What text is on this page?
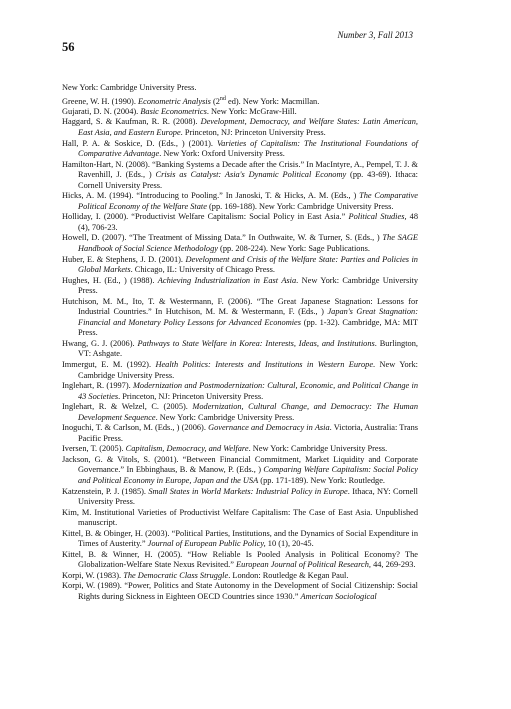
Number 3, Fall 2013
56

New York: Cambridge University Press.

Greene, W. H. (1990). Econometric Analysis (2nd ed). New York: Macmillan.

Gujarati, D. N. (2004). Basic Econometrics. New York: McGraw-Hill.

Haggard, S. & Kaufman, R. R. (2008). Development, Democracy, and Welfare States: Latin American, East Asia, and Eastern Europe. Princeton, NJ: Princeton University Press.

Hall, P. A. & Soskice, D. (Eds., ) (2001). Varieties of Capitalism: The Institutional Foundations of Comparative Advantage. New York: Oxford University Press.

Hamilton-Hart, N. (2008). “Banking Systems a Decade after the Crisis.” In MacIntyre, A., Pempel, T. J. & Ravenhill, J. (Eds., ) Crisis as Catalyst: Asia's Dynamic Political Economy (pp. 43-69). Ithaca: Cornell University Press.

Hicks, A. M. (1994). “Introducing to Pooling.” In Janoski, T. & Hicks, A. M. (Eds., ) The Comparative Political Economy of the Welfare State (pp. 169-188). New York: Cambridge University Press.

Holliday, I. (2000). “Productivist Welfare Capitalism: Social Policy in East Asia.” Political Studies, 48 (4), 706-23.

Howell, D. (2007). “The Treatment of Missing Data.” In Outhwaite, W. & Turner, S. (Eds., ) The SAGE Handbook of Social Science Methodology (pp. 208-224). New York: Sage Publications.

Huber, E. & Stephens, J. D. (2001). Development and Crisis of the Welfare State: Parties and Policies in Global Markets. Chicago, IL: University of Chicago Press.

Hughes, H. (Ed., ) (1988). Achieving Industrialization in East Asia. New York: Cambridge University Press.

Hutchison, M. M., Ito, T. & Westermann, F. (2006). “The Great Japanese Stagnation: Lessons for Industrial Countries.” In Hutchison, M. M. & Westermann, F. (Eds., ) Japan's Great Stagnation: Financial and Monetary Policy Lessons for Advanced Economies (pp. 1-32). Cambridge, MA: MIT Press.

Hwang, G. J. (2006). Pathways to State Welfare in Korea: Interests, Ideas, and Institutions. Burlington, VT: Ashgate.

Immergut, E. M. (1992). Health Politics: Interests and Institutions in Western Europe. New York: Cambridge University Press.

Inglehart, R. (1997). Modernization and Postmodernization: Cultural, Economic, and Political Change in 43 Societies. Princeton, NJ: Princeton University Press.

Inglehart, R. & Welzel, C. (2005). Modernization, Cultural Change, and Democracy: The Human Development Sequence. New York: Cambridge University Press.

Inoguchi, T. & Carlson, M. (Eds., ) (2006). Governance and Democracy in Asia. Victoria, Australia: Trans Pacific Press.

Iversen, T. (2005). Capitalism, Democracy, and Welfare. New York: Cambridge University Press.

Jackson, G. & Vitols, S. (2001). “Between Financial Commitment, Market Liquidity and Corporate Governance.” In Ebbinghaus, B. & Manow, P. (Eds., ) Comparing Welfare Capitalism: Social Policy and Political Economy in Europe, Japan and the USA (pp. 171-189). New York: Routledge.

Katzenstein, P. J. (1985). Small States in World Markets: Industrial Policy in Europe. Ithaca, NY: Cornell University Press.

Kim, M. Institutional Varieties of Productivist Welfare Capitalism: The Case of East Asia. Unpublished manuscript.

Kittel, B. & Obinger, H. (2003). “Political Parties, Institutions, and the Dynamics of Social Expenditure in Times of Austerity.” Journal of European Public Policy, 10 (1), 20-45.

Kittel, B. & Winner, H. (2005). “How Reliable Is Pooled Analysis in Political Economy? The Globalization-Welfare State Nexus Revisited.” European Journal of Political Research, 44, 269-293.

Korpi, W. (1983). The Democratic Class Struggle. London: Routledge & Kegan Paul.

Korpi, W. (1989). “Power, Politics and State Autonomy in the Development of Social Citizenship: Social Rights during Sickness in Eighteen OECD Countries since 1930.” American Sociological
